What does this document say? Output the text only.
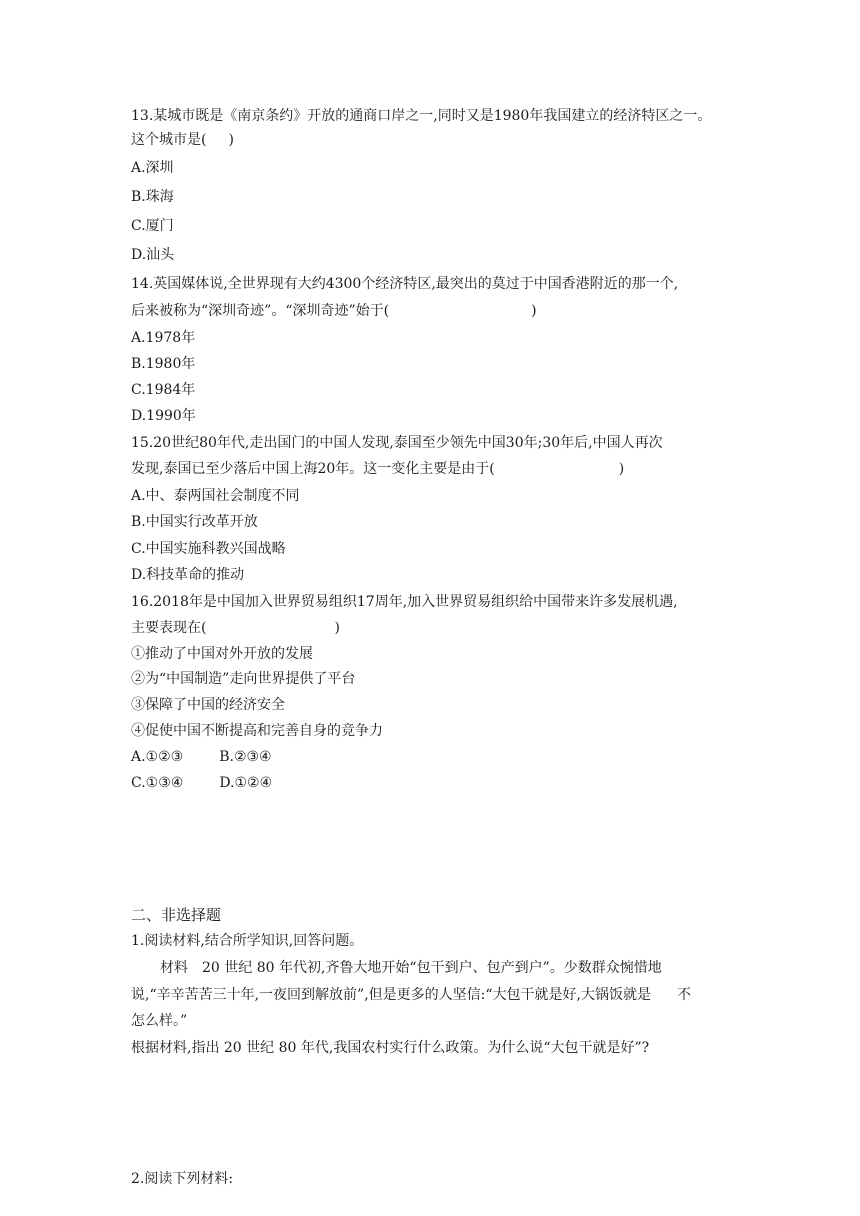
13.某城市既是《南京条约》开放的通商口岸之一,同时又是1980年我国建立的经济特区之一。
这个城市是( )
A.深圳
B.珠海
C.厦门
D.汕头
14.英国媒体说,全世界现有大约4300个经济特区,最突出的莫过于中国香港附近的那一个,
后来被称为“深圳奇迹”。“深圳奇迹”始于(	)
A.1978年
B.1980年
C.1984年
D.1990年
15.20世纪80年代,走出国门的中国人发现,泰国至少领先中国30年;30年后,中国人再次
发现,泰国已至少落后中国上海20年。这一变化主要是由于(	)
A.中、泰两国社会制度不同
B.中国实行改革开放
C.中国实施科教兴国战略
D.科技革命的推动
16.2018年是中国加入世界贸易组织17周年,加入世界贸易组织给中国带来许多发展机遇,
主要表现在(	)
①推动了中国对外开放的发展
②为“中国制造”走向世界提供了平台
③保障了中国的经济安全
④促使中国不断提高和完善自身的竞争力
A.①②③	B.②③④
C.①③④	D.①②④
二、非选择题
1.阅读材料,结合所学知识,回答问题。
材料　20 世纪 80 年代初,齐鲁大地开始“包干到户、包产到户”。少数群众惋惜地
说,“辛辛苦苦三十年,一夜回到解放前”,但是更多的人坚信:“大包干就是好,大锅饭就是 不
怎么样。”
根据材料,指出 20 世纪 80 年代,我国农村实行什么政策。为什么说“大包干就是好”?
2.阅读下列材料:
